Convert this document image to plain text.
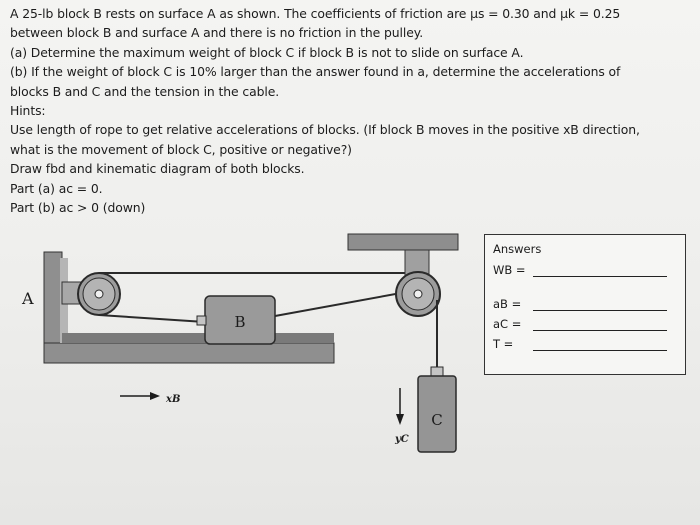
A 25-lb block B rests on surface A as shown. The coefficients of friction are μs = 0.30 and μk = 0.25

between block B and surface A and there is no friction in the pulley.

(a) Determine the maximum weight of block C if block B is not to slide on surface A.

(b) If the weight of block C is 10% larger than the answer found in a, determine the accelerations of

blocks B and C and the tension in the cable.

Hints:

Use length of rope to get relative accelerations of blocks. (If block B moves in the positive xB direction,

what is the movement of block C, positive or negative?)

Draw fbd and kinematic diagram of both blocks.

Part (a) ac = 0.

Part (b) ac > 0 (down)

B
C
A
xB
yC
Answers
WB =
aB =
aC =
T =
